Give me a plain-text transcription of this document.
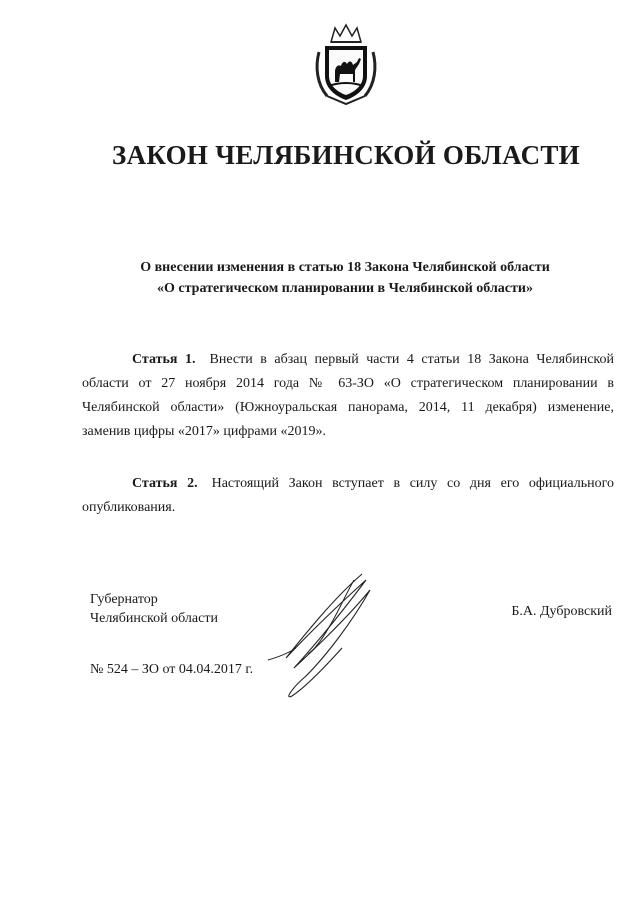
ЗАКОН ЧЕЛЯБИНСКОЙ ОБЛАСТИ
О внесении изменения в статью 18 Закона Челябинской области
«О стратегическом планировании в Челябинской области»
Статья 1. Внести в абзац первый части 4 статьи 18 Закона Челябинской области от 27 ноября 2014 года № 63-ЗО «О стратегическом планировании в Челябинской области» (Южноуральская панорама, 2014, 11 декабря) изменение, заменив цифры «2017» цифрами «2019».
Статья 2. Настоящий Закон вступает в силу со дня его официального опубликования.
Губернатор
Челябинской области	Б.А. Дубровский
№ 524 – ЗО от 04.04.2017 г.
